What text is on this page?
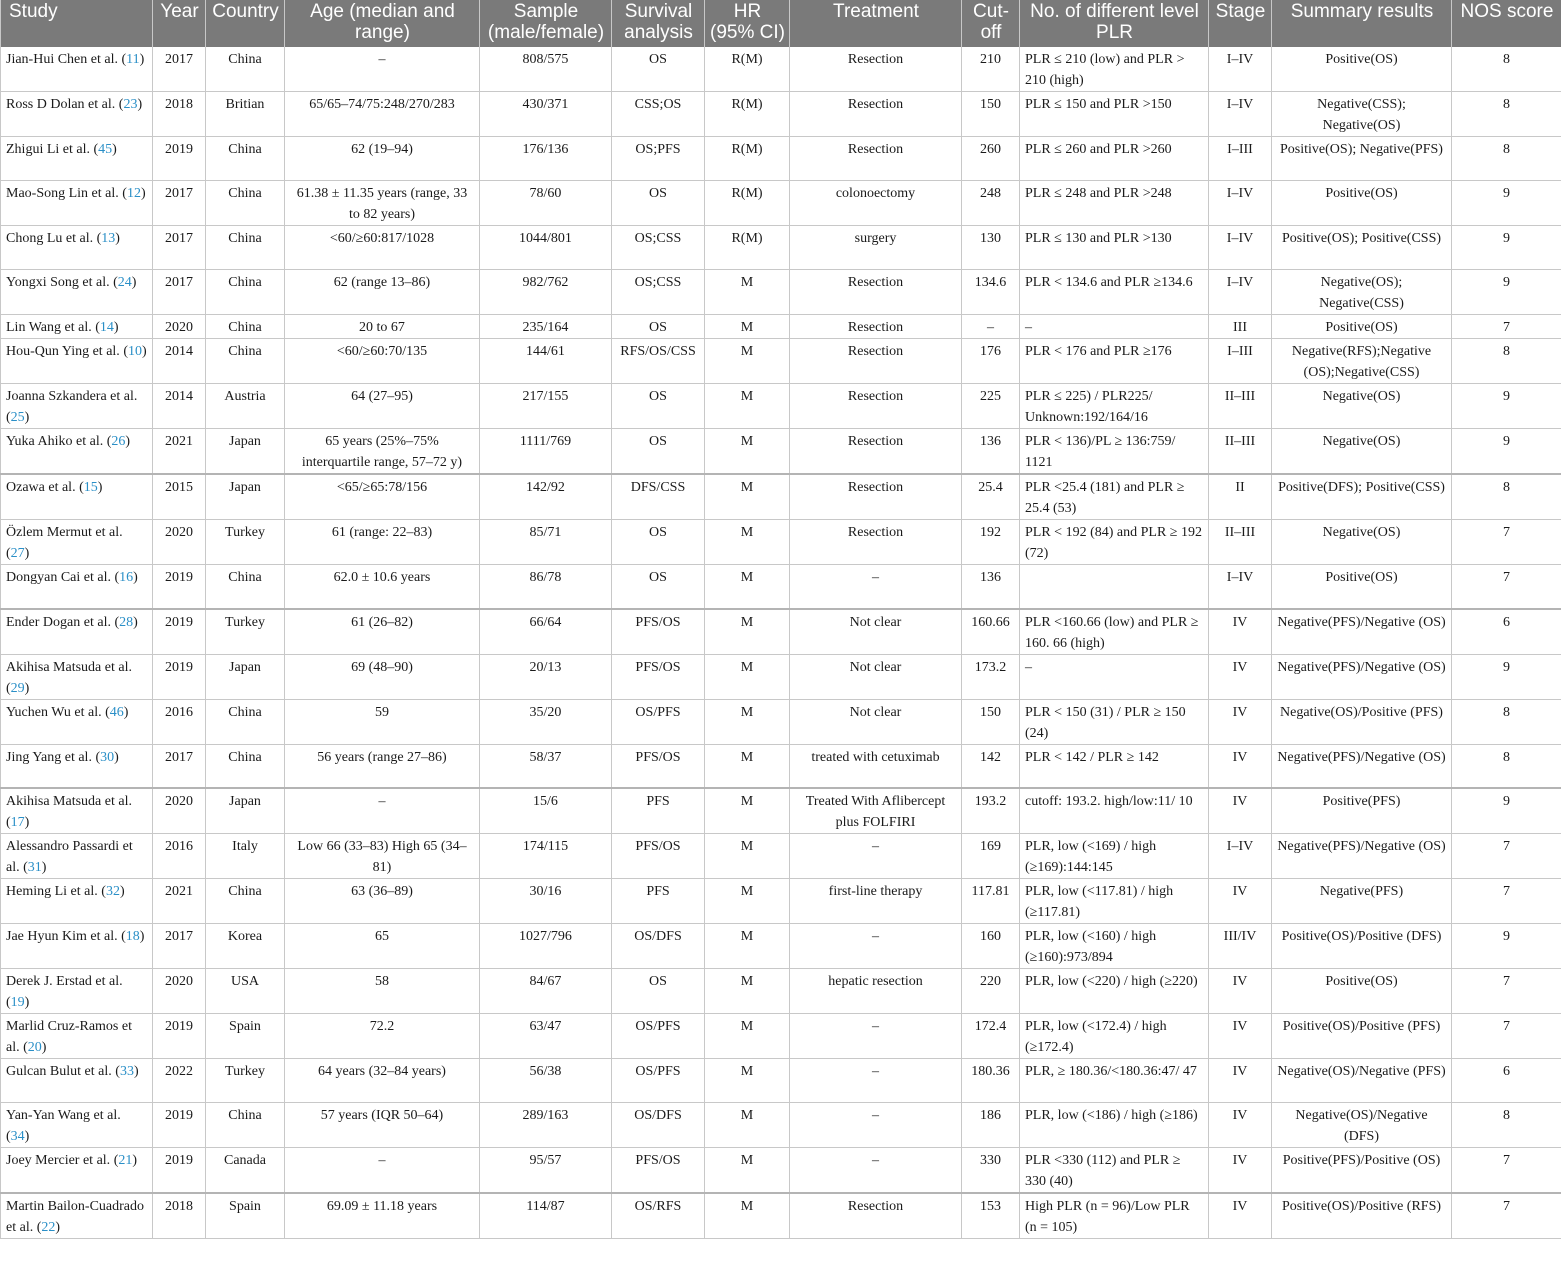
Study	Year	Country	Age (median and range)	Sample (male/female)	Survival analysis	HR (95% CI)	Treatment	Cut-off	No. of different level PLR	Stage	Summary results	NOS score
Jian-Hui Chen et al. (11)	2017	China	–	808/575	OS	R(M)	Resection	210	PLR ≤ 210 (low) and PLR > 210 (high)	I–IV	Positive(OS)	8
Ross D Dolan et al. (23)	2018	Britian	65/65–74/75:248/270/283	430/371	CSS;OS	R(M)	Resection	150	PLR ≤ 150 and PLR >150	I–IV	Negative(CSS); Negative(OS)	8
Zhigui Li et al. (45)	2019	China	62 (19–94)	176/136	OS;PFS	R(M)	Resection	260	PLR ≤ 260 and PLR >260	I–III	Positive(OS); Negative(PFS)	8
Mao-Song Lin et al. (12)	2017	China	61.38 ± 11.35 years (range, 33 to 82 years)	78/60	OS	R(M)	colonoectomy	248	PLR ≤ 248 and PLR >248	I–IV	Positive(OS)	9
Chong Lu et al. (13)	2017	China	<60/≥60:817/1028	1044/801	OS;CSS	R(M)	surgery	130	PLR ≤ 130 and PLR >130	I–IV	Positive(OS); Positive(CSS)	9
Yongxi Song et al. (24)	2017	China	62 (range 13–86)	982/762	OS;CSS	M	Resection	134.6	PLR < 134.6 and PLR ≥134.6	I–IV	Negative(OS); Negative(CSS)	9
Lin Wang et al. (14)	2020	China	20 to 67	235/164	OS	M	Resection	–	–	III	Positive(OS)	7
Hou-Qun Ying et al. (10)	2014	China	<60/≥60:70/135	144/61	RFS/OS/CSS	M	Resection	176	PLR < 176 and PLR ≥176	I–III	Negative(RFS);Negative (OS);Negative(CSS)	8
Joanna Szkandera et al. (25)	2014	Austria	64 (27–95)	217/155	OS	M	Resection	225	PLR ≤ 225) / PLR225/ Unknown:192/164/16	II–III	Negative(OS)	9
Yuka Ahiko et al. (26)	2021	Japan	65 years (25%–75% interquartile range, 57–72 y)	1111/769	OS	M	Resection	136	PLR < 136)/PL ≥ 136:759/ 1121	II–III	Negative(OS)	9
Ozawa et al. (15)	2015	Japan	<65/≥65:78/156	142/92	DFS/CSS	M	Resection	25.4	PLR <25.4 (181) and PLR ≥ 25.4 (53)	II	Positive(DFS); Positive(CSS)	8
Özlem Mermut et al. (27)	2020	Turkey	61 (range: 22–83)	85/71	OS	M	Resection	192	PLR < 192 (84) and PLR ≥ 192 (72)	II–III	Negative(OS)	7
Dongyan Cai et al. (16)	2019	China	62.0 ± 10.6 years	86/78	OS	M	–	136		I–IV	Positive(OS)	7
Ender Dogan et al. (28)	2019	Turkey	61 (26–82)	66/64	PFS/OS	M	Not clear	160.66	PLR <160.66 (low) and PLR ≥ 160. 66 (high)	IV	Negative(PFS)/Negative (OS)	6
Akihisa Matsuda et al. (29)	2019	Japan	69 (48–90)	20/13	PFS/OS	M	Not clear	173.2	–	IV	Negative(PFS)/Negative (OS)	9
Yuchen Wu et al. (46)	2016	China	59	35/20	OS/PFS	M	Not clear	150	PLR < 150 (31) / PLR ≥ 150 (24)	IV	Negative(OS)/Positive (PFS)	8
Jing Yang et al. (30)	2017	China	56 years (range 27–86)	58/37	PFS/OS	M	treated with cetuximab	142	PLR < 142 / PLR ≥ 142	IV	Negative(PFS)/Negative (OS)	8
Akihisa Matsuda et al. (17)	2020	Japan	–	15/6	PFS	M	Treated With Aflibercept plus FOLFIRI	193.2	cutoff: 193.2. high/low:11/ 10	IV	Positive(PFS)	9
Alessandro Passardi et al. (31)	2016	Italy	Low 66 (33–83) High 65 (34–81)	174/115	PFS/OS	M	–	169	PLR, low (<169) / high (≥169):144:145	I–IV	Negative(PFS)/Negative (OS)	7
Heming Li et al. (32)	2021	China	63 (36–89)	30/16	PFS	M	first-line therapy	117.81	PLR, low (<117.81) / high (≥117.81)	IV	Negative(PFS)	7
Jae Hyun Kim et al. (18)	2017	Korea	65	1027/796	OS/DFS	M	–	160	PLR, low (<160) / high (≥160):973/894	III/IV	Positive(OS)/Positive (DFS)	9
Derek J. Erstad et al. (19)	2020	USA	58	84/67	OS	M	hepatic resection	220	PLR, low (<220) / high (≥220)	IV	Positive(OS)	7
Marlid Cruz-Ramos et al. (20)	2019	Spain	72.2	63/47	OS/PFS	M	–	172.4	PLR, low (<172.4) / high (≥172.4)	IV	Positive(OS)/Positive (PFS)	7
Gulcan Bulut et al. (33)	2022	Turkey	64 years (32–84 years)	56/38	OS/PFS	M	–	180.36	PLR, ≥ 180.36/<180.36:47/ 47	IV	Negative(OS)/Negative (PFS)	6
Yan-Yan Wang et al. (34)	2019	China	57 years (IQR 50–64)	289/163	OS/DFS	M	–	186	PLR, low (<186) / high (≥186)	IV	Negative(OS)/Negative (DFS)	8
Joey Mercier et al. (21)	2019	Canada	–	95/57	PFS/OS	M	–	330	PLR <330 (112) and PLR ≥ 330 (40)	IV	Positive(PFS)/Positive (OS)	7
Martin Bailon-Cuadrado et al. (22)	2018	Spain	69.09 ± 11.18 years	114/87	OS/RFS	M	Resection	153	High PLR (n = 96)/Low PLR (n = 105)	IV	Positive(OS)/Positive (RFS)	7
